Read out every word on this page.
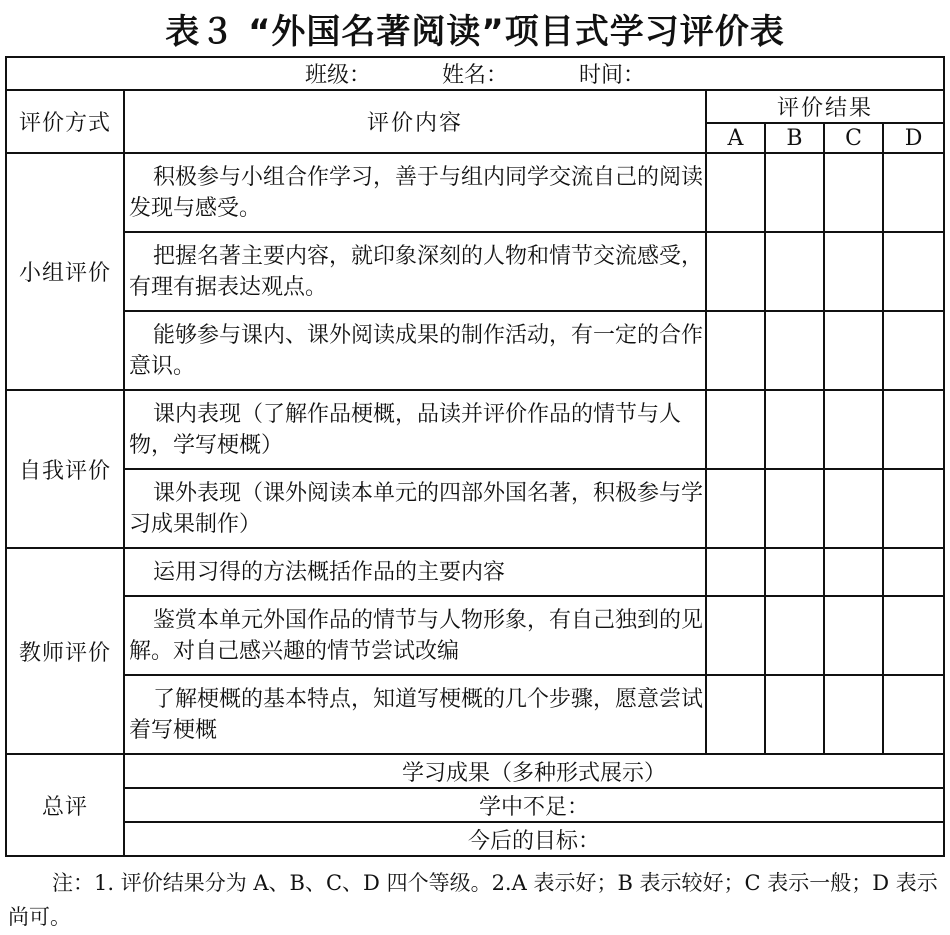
表３ “外国名著阅读”项目式学习评价表
班级： 姓名： 时间：					
评价方式	评价内容	评价结果			
		A	B	C	D
小组评价	积极参与小组合作学习，善于与组内同学交流自己的阅读发现与感受。				
	把握名著主要内容，就印象深刻的人物和情节交流感受，有理有据表达观点。				
	能够参与课内、课外阅读成果的制作活动，有一定的合作意识。				
自我评价	课内表现（了解作品梗概，品读并评价作品的情节与人物，学写梗概）				
	课外表现（课外阅读本单元的四部外国名著，积极参与学习成果制作）				
教师评价	运用习得的方法概括作品的主要内容				
	鉴赏本单元外国作品的情节与人物形象，有自己独到的见解。对自己感兴趣的情节尝试改编				
	了解梗概的基本特点，知道写梗概的几个步骤，愿意尝试着写梗概				
总评	学习成果（多种形式展示）				
	学中不足：				
	今后的目标：				
注：1. 评价结果分为 A、B、C、D 四个等级。2.A 表示好；B 表示较好；C 表示一般；D 表示尚可。
